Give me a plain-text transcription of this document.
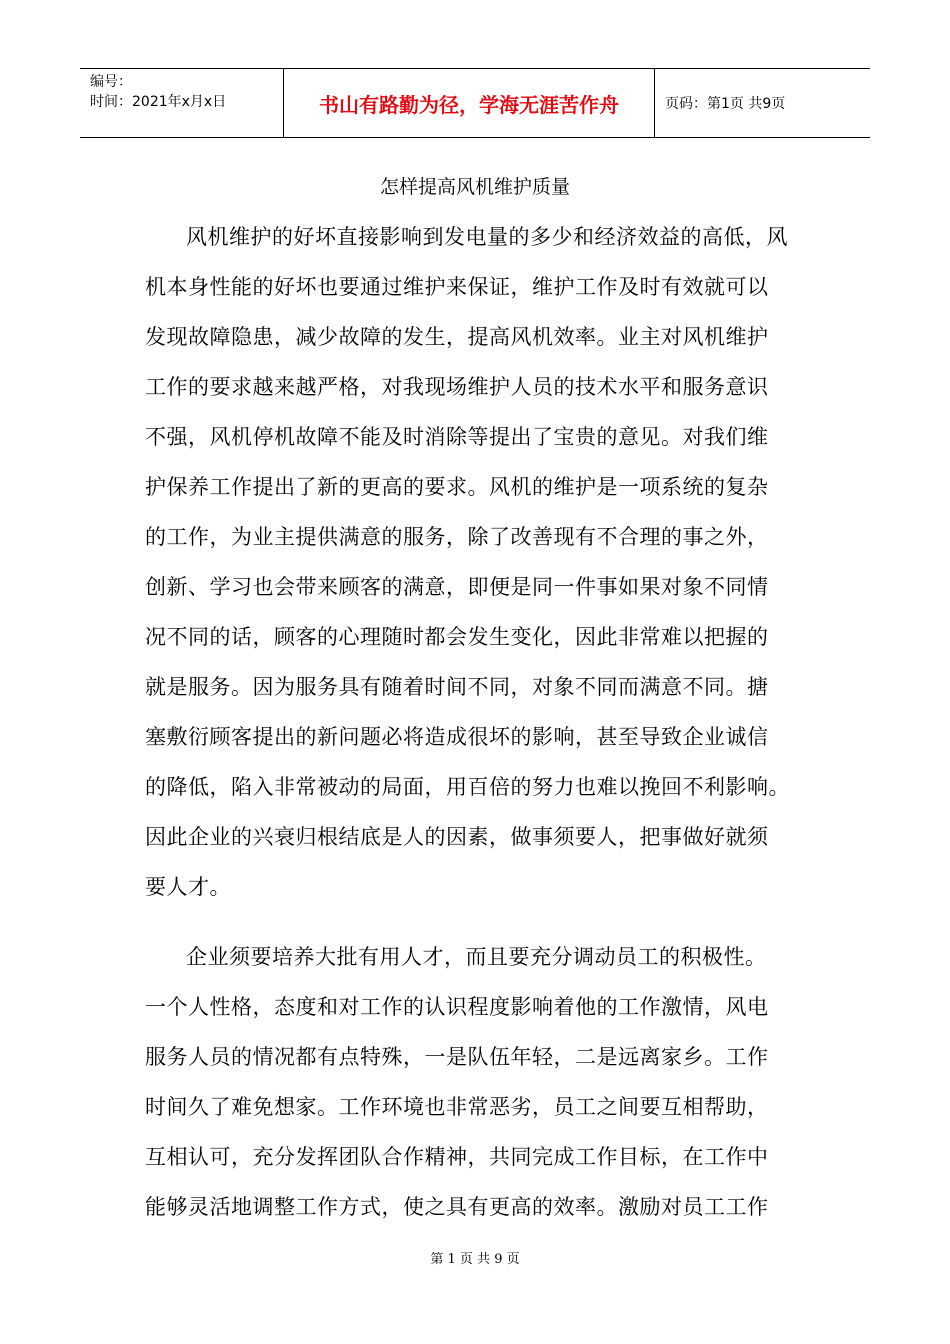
编号：
时间：2021年x月x日	书山有路勤为径，学海无涯苦作舟	页码：第1页 共9页
怎样提高风机维护质量
风机维护的好坏直接影响到发电量的多少和经济效益的高低，风
机本身性能的好坏也要通过维护来保证，维护工作及时有效就可以
发现故障隐患，减少故障的发生，提高风机效率。业主对风机维护
工作的要求越来越严格，对我现场维护人员的技术水平和服务意识
不强，风机停机故障不能及时消除等提出了宝贵的意见。对我们维
护保养工作提出了新的更高的要求。风机的维护是一项系统的复杂
的工作，为业主提供满意的服务，除了改善现有不合理的事之外，
创新、学习也会带来顾客的满意，即便是同一件事如果对象不同情
况不同的话，顾客的心理随时都会发生变化，因此非常难以把握的
就是服务。因为服务具有随着时间不同，对象不同而满意不同。搪
塞敷衍顾客提出的新问题必将造成很坏的影响，甚至导致企业诚信
的降低，陷入非常被动的局面，用百倍的努力也难以挽回不利影响。
因此企业的兴衰归根结底是人的因素，做事须要人，把事做好就须
要人才。
企业须要培养大批有用人才，而且要充分调动员工的积极性。
一个人性格，态度和对工作的认识程度影响着他的工作激情，风电
服务人员的情况都有点特殊，一是队伍年轻，二是远离家乡。工作
时间久了难免想家。工作环境也非常恶劣，员工之间要互相帮助，
互相认可，充分发挥团队合作精神，共同完成工作目标，在工作中
能够灵活地调整工作方式，使之具有更高的效率。激励对员工工作
第 1 页 共 9 页
